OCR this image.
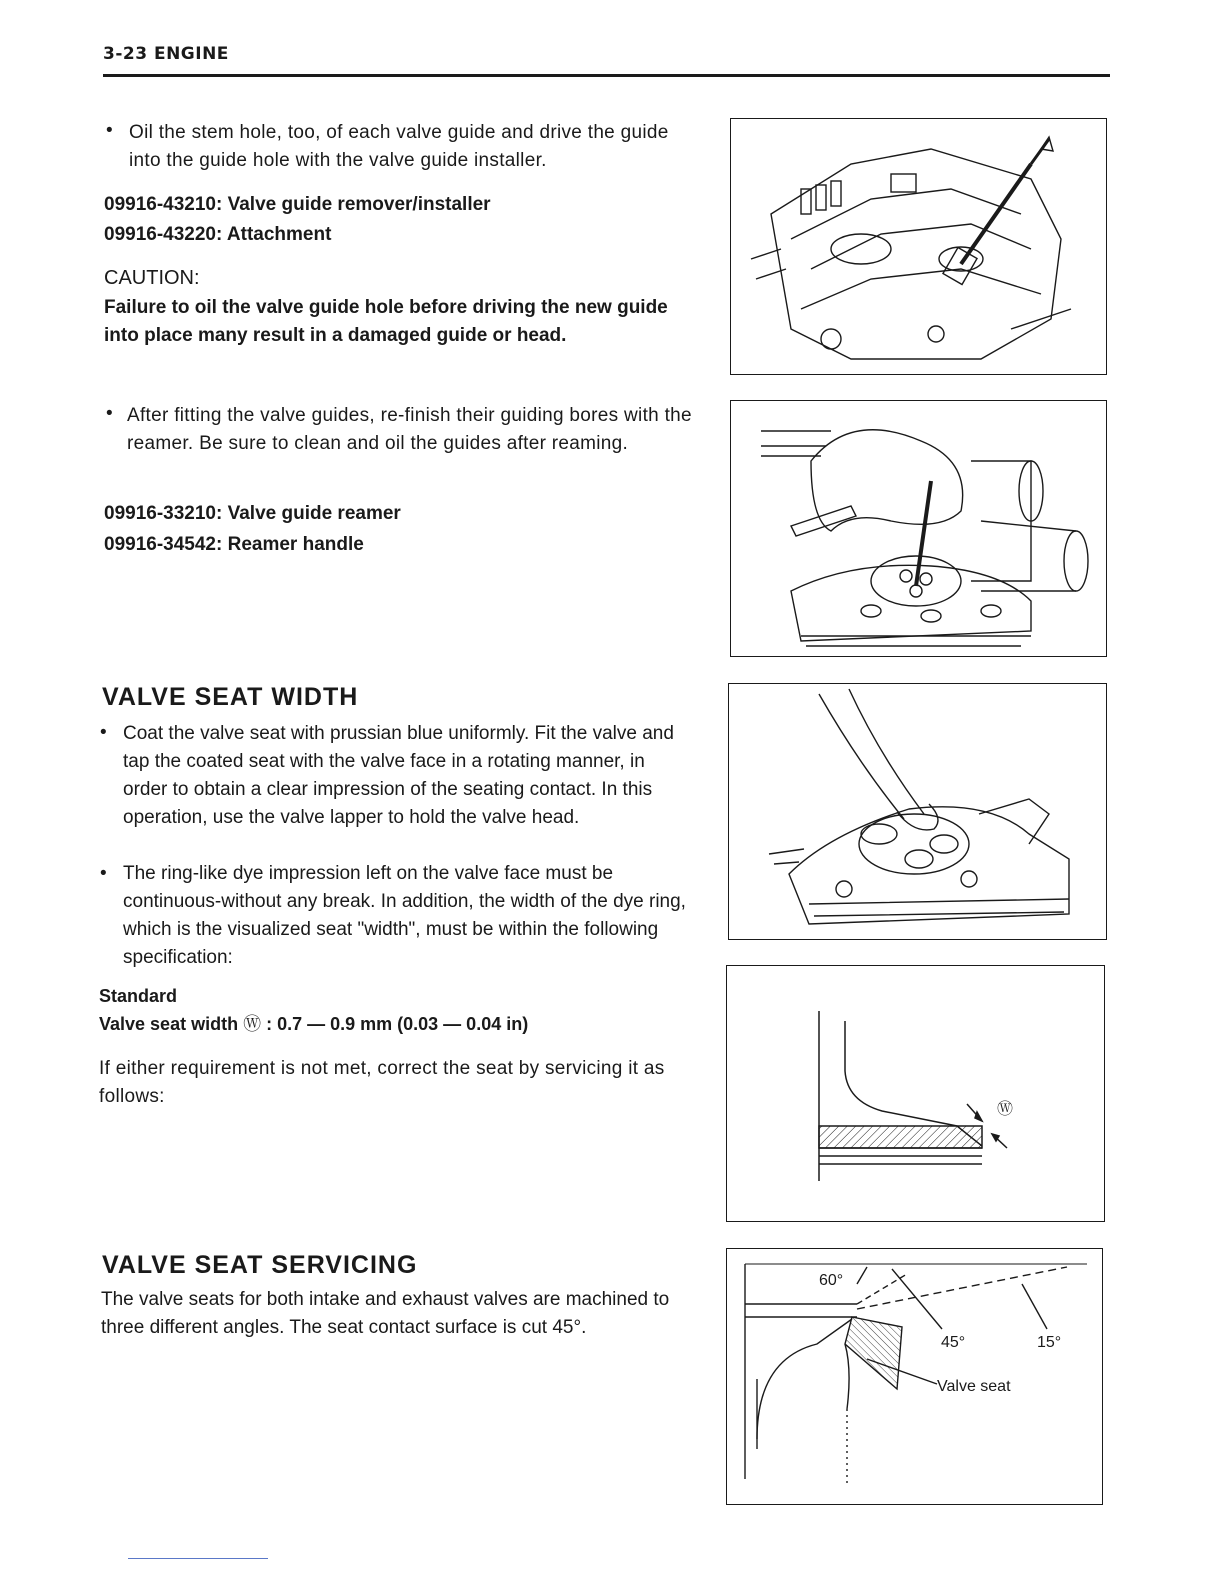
3-23 ENGINE
• Oil the stem hole, too, of each valve guide and drive the guide into the guide hole with the valve guide installer.
09916-43210: Valve guide remover/installer
09916-43220: Attachment
CAUTION:
Failure to oil the valve guide hole before driving the new guide into place many result in a damaged guide or head.
• After fitting the valve guides, re-finish their guiding bores with the reamer. Be sure to clean and oil the guides after reaming.
09916-33210: Valve guide reamer
09916-34542: Reamer handle
VALVE SEAT WIDTH
• Coat the valve seat with prussian blue uniformly. Fit the valve and tap the coated seat with the valve face in a rotating manner, in order to obtain a clear impression of the seating contact. In this operation, use the valve lapper to hold the valve head.
• The ring-like dye impression left on the valve face must be continuous-without any break. In addition, the width of the dye ring, which is the visualized seat "width", must be within the following specification:
Standard
Valve seat width Ⓦ : 0.7 — 0.9 mm (0.03 — 0.04 in)
If either requirement is not met, correct the seat by servicing it as follows:
VALVE SEAT SERVICING
The valve seats for both intake and exhaust valves are machined to three different angles. The seat contact surface is cut 45°.
Ⓦ
60°
45°	15°
Valve seat
